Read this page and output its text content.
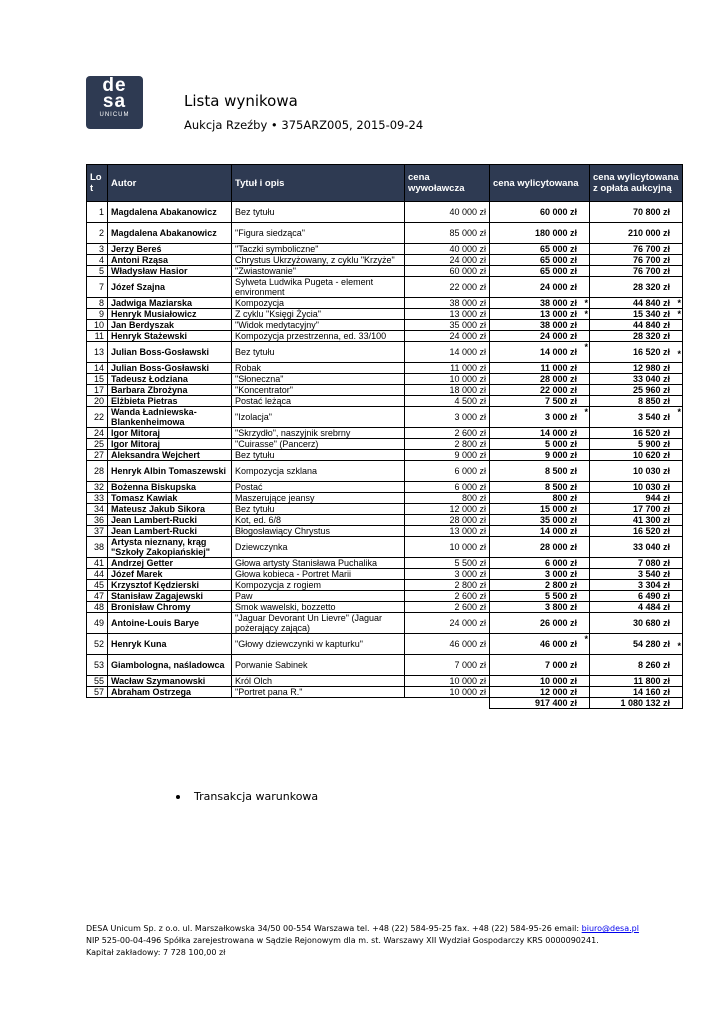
de
sa
UNICUM
Lista wynikowa
Aukcja Rzeźby • 375ARZ005, 2015-09-24
Lot	Autor	Tytuł i opis	cena wywoławcza	cena wylicytowana	cena wylicytowana z opłata aukcyjną
1	Magdalena Abakanowicz	Bez tytułu	40 000 zł	60 000 zł	70 800 zł
2	Magdalena Abakanowicz	"Figura siedząca"	85 000 zł	180 000 zł	210 000 zł
3	Jerzy Bereś	"Taczki symboliczne"	40 000 zł	65 000 zł	76 700 zł
4	Antoni Rząsa	Chrystus Ukrzyżowany, z cyklu "Krzyże"	24 000 zł	65 000 zł	76 700 zł
5	Władysław Hasior	"Zwiastowanie"	60 000 zł	65 000 zł	76 700 zł
7	Józef Szajna	Sylweta Ludwika Pugeta - element environment	22 000 zł	24 000 zł	28 320 zł
8	Jadwiga Maziarska	Kompozycja	38 000 zł	38 000 zł *	44 840 zł *

9	Henryk Musiałowicz	Z cyklu "Księgi Życia"	13 000 zł	13 000 zł *	15 340 zł *

10	Jan Berdyszak	"Widok medytacyjny"	35 000 zł	38 000 zł	44 840 zł
11	Henryk Stażewski	Kompozycja przestrzenna, ed. 33/100	24 000 zł	24 000 zł	28 320 zł
13	Julian Boss-Gosławski	Bez tytułu	14 000 zł	14 000 zł *	16 520 zł *

14	Julian Boss-Gosławski	Robak	11 000 zł	11 000 zł	12 980 zł
15	Tadeusz Łodziana	"Słoneczna"	10 000 zł	28 000 zł	33 040 zł
17	Barbara Zbrożyna	"Koncentrator"	18 000 zł	22 000 zł	25 960 zł
20	Elżbieta Pietras	Postać leżąca	4 500 zł	7 500 zł	8 850 zł
22	Wanda Ładniewska-Blankenheimowa	"Izolacja"	3 000 zł	3 000 zł *	3 540 zł *

24	Igor Mitoraj	"Skrzydło", naszyjnik srebrny	2 600 zł	14 000 zł	16 520 zł
25	Igor Mitoraj	"Cuirasse" (Pancerz)	2 800 zł	5 000 zł	5 900 zł
27	Aleksandra Wejchert	Bez tytułu	9 000 zł	9 000 zł	10 620 zł
28	Henryk Albin Tomaszewski	Kompozycja szklana	6 000 zł	8 500 zł	10 030 zł
32	Bożenna Biskupska	Postać	6 000 zł	8 500 zł	10 030 zł
33	Tomasz Kawiak	Maszerujące jeansy	800 zł	800 zł	944 zł
34	Mateusz Jakub Sikora	Bez tytułu	12 000 zł	15 000 zł	17 700 zł
36	Jean Lambert-Rucki	Kot, ed. 6/8	28 000 zł	35 000 zł	41 300 zł
37	Jean Lambert-Rucki	Błogosławiący Chrystus	13 000 zł	14 000 zł	16 520 zł
38	Artysta nieznany, krąg "Szkoły Zakopiańskiej"	Dziewczynka	10 000 zł	28 000 zł	33 040 zł
41	Andrzej Getter	Głowa artysty Stanisława Puchalika	5 500 zł	6 000 zł	7 080 zł
44	Józef Marek	Głowa kobieca - Portret Marii	3 000 zł	3 000 zł	3 540 zł
45	Krzysztof Kędzierski	Kompozycja z rogiem	2 800 zł	2 800 zł	3 304 zł
47	Stanisław Zagajewski	Paw	2 600 zł	5 500 zł	6 490 zł
48	Bronisław Chromy	Smok wawelski, bozzetto	2 600 zł	3 800 zł	4 484 zł
49	Antoine-Louis Barye	"Jaguar Devorant Un Lievre" (Jaguar pożerający zająca)	24 000 zł	26 000 zł	30 680 zł
52	Henryk Kuna	"Głowy dziewczynki w kapturku"	46 000 zł	46 000 zł *	54 280 zł *

53	Giambologna, naśladowca	Porwanie Sabinek	7 000 zł	7 000 zł	8 260 zł
55	Wacław Szymanowski	Król Olch	10 000 zł	10 000 zł	11 800 zł
57	Abraham Ostrzega	"Portret pana R."	10 000 zł	12 000 zł	14 160 zł
				917 400 zł	1 080 132 zł
Transakcja warunkowa
DESA Unicum Sp. z o.o. ul. Marszałkowska 34/50 00-554 Warszawa tel. +48 (22) 584-95-25 fax. +48 (22) 584-95-26 email: biuro@desa.pl
NIP 525-00-04-496 Spółka zarejestrowana w Sądzie Rejonowym dla m. st. Warszawy XII Wydział Gospodarczy KRS 0000090241.
Kapitał zakładowy: 7 728 100,00 zł
